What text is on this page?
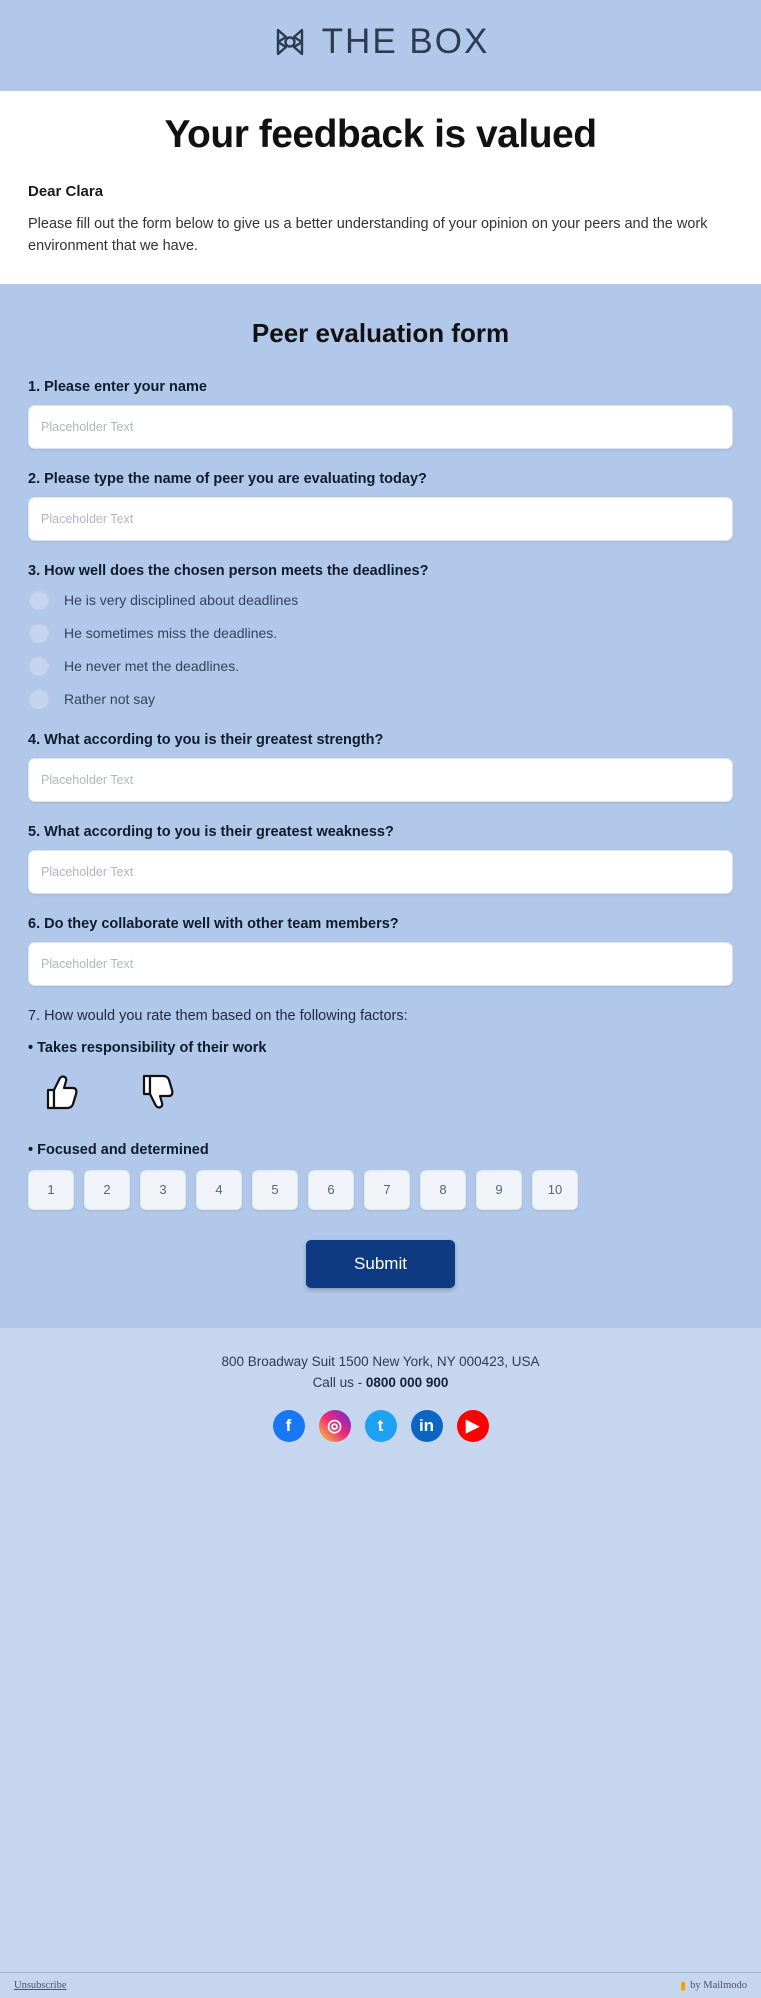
THE BOX
Your feedback is valued

Dear Clara

Please fill out the form below to give us a better understanding of your opinion on your peers and the work environment that we have.

Peer evaluation form
1. Please enter your name
Placeholder Text
2. Please type the name of peer you are evaluating today?
Placeholder Text
3. How well does the chosen person meets the deadlines?
He is very disciplined about deadlines
He sometimes miss the deadlines.
He never met the deadlines.
Rather not say
4. What according to you is their greatest strength?
Placeholder Text
5. What according to you is their greatest weakness?
Placeholder Text
6. Do they collaborate well with other team members?
Placeholder Text
7. How would you rate them based on the following factors:
• Takes responsibility of their work
• Focused and determined
1	2	3	4	5	6	7	8	9	10
Submit

800 Broadway Suit 1500 New York, NY 000423, USA

Call us - 0800 000 900

f	◎	t	in	▶
Unsubscribe	▮ by Mailmodo
